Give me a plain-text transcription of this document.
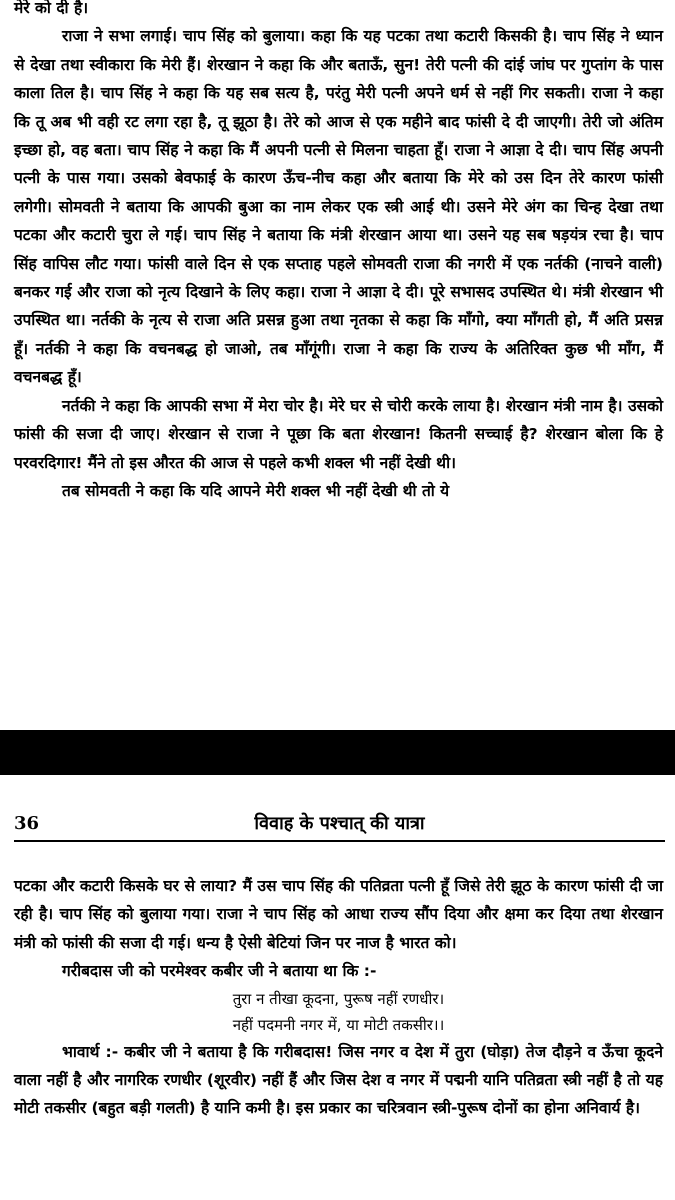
मेरे को दी है।

राजा ने सभा लगाई। चाप सिंह को बुलाया। कहा कि यह पटका तथा कटारी किसकी है। चाप सिंह ने ध्यान से देखा तथा स्वीकारा कि मेरी हैं। शेरखान ने कहा कि और बताऊँ, सुन! तेरी पत्नी की दांई जांघ पर गुप्तांग के पास काला तिल है। चाप सिंह ने कहा कि यह सब सत्य है, परंतु मेरी पत्नी अपने धर्म से नहीं गिर सकती। राजा ने कहा कि तू अब भी वही रट लगा रहा है, तू झूठा है। तेरे को आज से एक महीने बाद फांसी दे दी जाएगी। तेरी जो अंतिम इच्छा हो, वह बता। चाप सिंह ने कहा कि मैं अपनी पत्नी से मिलना चाहता हूँ। राजा ने आज्ञा दे दी। चाप सिंह अपनी पत्नी के पास गया। उसको बेवफाई के कारण ऊँच-नीच कहा और बताया कि मेरे को उस दिन तेरे कारण फांसी लगेगी। सोमवती ने बताया कि आपकी बुआ का नाम लेकर एक स्त्री आई थी। उसने मेरे अंग का चिन्ह देखा तथा पटका और कटारी चुरा ले गई। चाप सिंह ने बताया कि मंत्री शेरखान आया था। उसने यह सब षड़यंत्र रचा है। चाप सिंह वापिस लौट गया। फांसी वाले दिन से एक सप्ताह पहले सोमवती राजा की नगरी में एक नर्तकी (नाचने वाली) बनकर गई और राजा को नृत्य दिखाने के लिए कहा। राजा ने आज्ञा दे दी। पूरे सभासद उपस्थित थे। मंत्री शेरखान भी उपस्थित था। नर्तकी के नृत्य से राजा अति प्रसन्न हुआ तथा नृतका से कहा कि माँगो, क्या माँगती हो, मैं अति प्रसन्न हूँ। नर्तकी ने कहा कि वचनबद्ध हो जाओ, तब माँगूंगी। राजा ने कहा कि राज्य के अतिरिक्त कुछ भी माँग, मैं वचनबद्ध हूँ।

नर्तकी ने कहा कि आपकी सभा में मेरा चोर है। मेरे घर से चोरी करके लाया है। शेरखान मंत्री नाम है। उसको फांसी की सजा दी जाए। शेरखान से राजा ने पूछा कि बता शेरखान! कितनी सच्चाई है? शेरखान बोला कि हे परवरदिगार! मैंने तो इस औरत की आज से पहले कभी शक्ल भी नहीं देखी थी।

तब सोमवती ने कहा कि यदि आपने मेरी शक्ल भी नहीं देखी थी तो ये

36	विवाह के पश्चात् की यात्रा

पटका और कटारी किसके घर से लाया? मैं उस चाप सिंह की पतिव्रता पत्नी हूँ जिसे तेरी झूठ के कारण फांसी दी जा रही है। चाप सिंह को बुलाया गया। राजा ने चाप सिंह को आधा राज्य सौंप दिया और क्षमा कर दिया तथा शेरखान मंत्री को फांसी की सजा दी गई। धन्य है ऐसी बेटियां जिन पर नाज है भारत को।

गरीबदास जी को परमेश्वर कबीर जी ने बताया था कि :-

तुरा न तीखा कूदना, पुरूष नहीं रणधीर।

नहीं पदमनी नगर में, या मोटी तकसीर।।

भावार्थ :- कबीर जी ने बताया है कि गरीबदास! जिस नगर व देश में तुरा (घोड़ा) तेज दौड़ने व ऊँचा कूदने वाला नहीं है और नागरिक रणधीर (शूरवीर) नहीं हैं और जिस देश व नगर में पद्मनी यानि पतिव्रता स्त्री नहीं है तो यह मोटी तकसीर (बहुत बड़ी गलती) है यानि कमी है। इस प्रकार का चरित्रवान स्त्री-पुरूष दोनों का होना अनिवार्य है।
